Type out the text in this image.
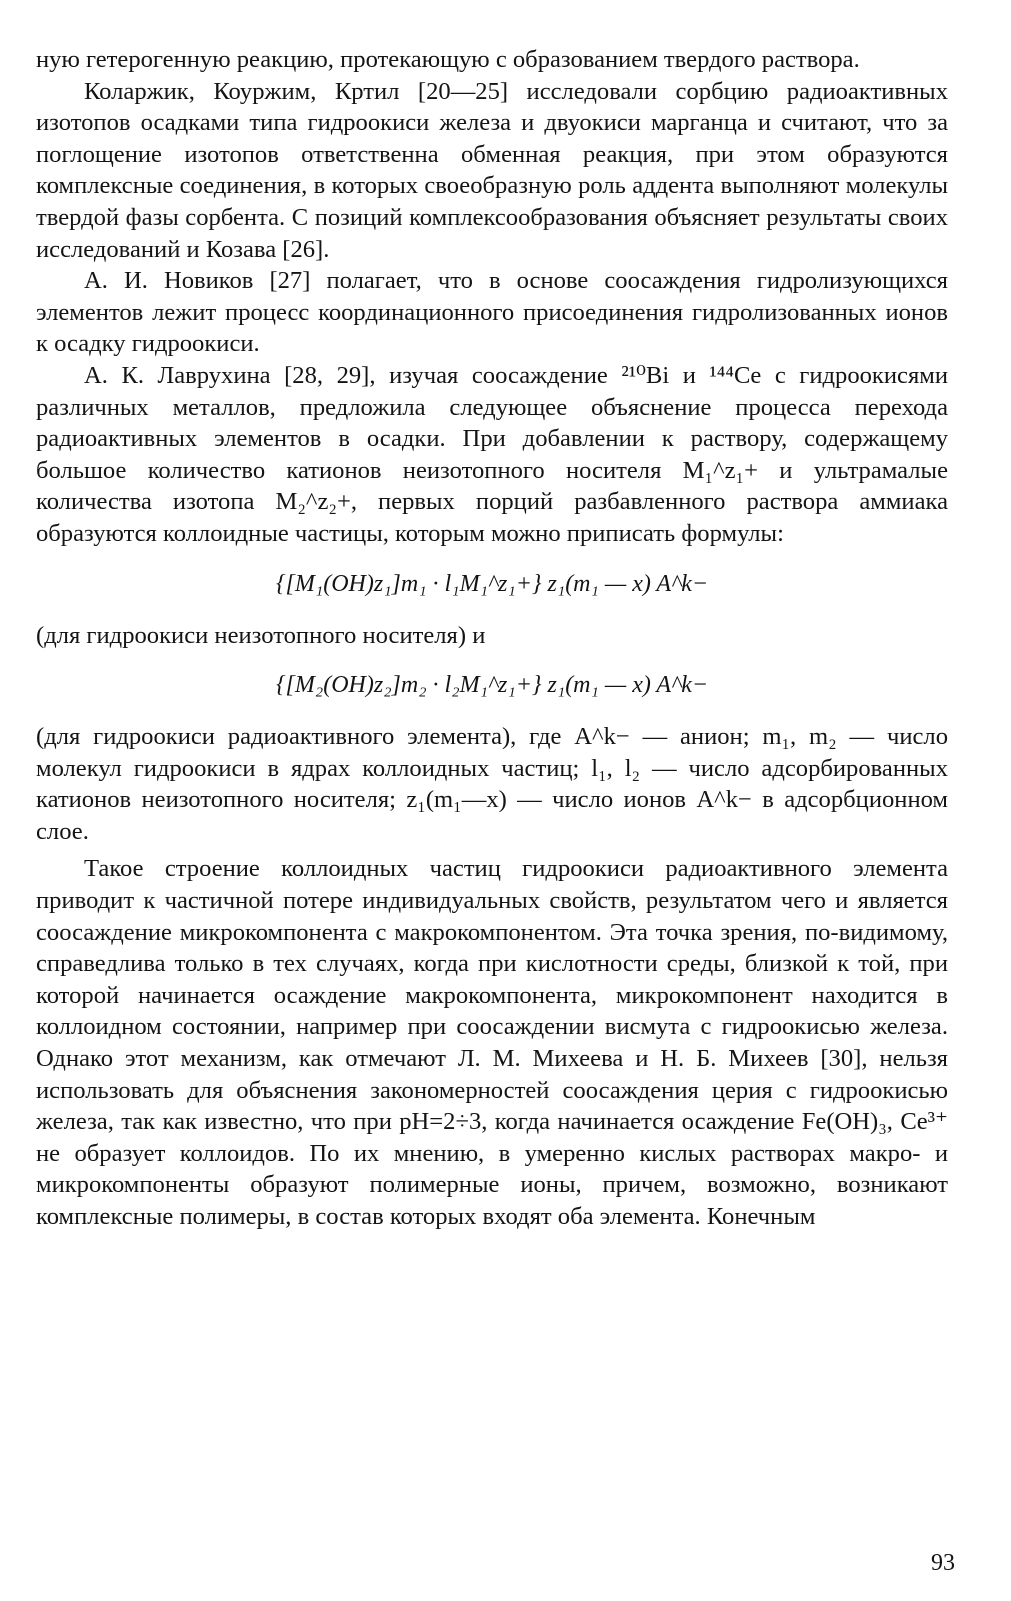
ную гетерогенную реакцию, протекающую с образованием твердого раствора.

Коларжик, Коуржим, Кртил [20—25] исследовали сорбцию радиоактивных изотопов осадками типа гидроокиси железа и двуокиси марганца и считают, что за поглощение изотопов ответственна обменная реакция, при этом образуются комплексные соединения, в которых своеобразную роль аддента выполняют молекулы твердой фазы сорбента. С позиций комплексообразования объясняет результаты своих исследований и Козава [26].

А. И. Новиков [27] полагает, что в основе соосаждения гидролизующихся элементов лежит процесс координационного присоединения гидролизованных ионов к осадку гидроокиси.

А. К. Лаврухина [28, 29], изучая соосаждение ²¹⁰Bi и ¹⁴⁴Ce с гидроокисями различных металлов, предложила следующее объяснение процесса перехода радиоактивных элементов в осадки. При добавлении к раствору, содержащему большое количество катионов неизотопного носителя M₁^z₁+ и ультрамалые количества изотопа M₂^z₂+, первых порций разбавленного раствора аммиака образуются коллоидные частицы, которым можно приписать формулы:

{[M₁(OH)z₁]m₁ · l₁M₁^z₁+} z₁(m₁ — x) A^k−

(для гидроокиси неизотопного носителя) и

{[M₂(OH)z₂]m₂ · l₂M₁^z₁+} z₁(m₁ — x) A^k−

(для гидроокиси радиоактивного элемента), где A^k− — анион; m₁, m₂ — число молекул гидроокиси в ядрах коллоидных частиц; l₁, l₂ — число адсорбированных катионов неизотопного носителя; z₁(m₁—x) — число ионов A^k− в адсорбционном слое.

Такое строение коллоидных частиц гидроокиси радиоактивного элемента приводит к частичной потере индивидуальных свойств, результатом чего и является соосаждение микрокомпонента с макрокомпонентом. Эта точка зрения, по-видимому, справедлива только в тех случаях, когда при кислотности среды, близкой к той, при которой начинается осаждение макрокомпонента, микрокомпонент находится в коллоидном состоянии, например при соосаждении висмута с гидроокисью железа. Однако этот механизм, как отмечают Л. М. Михеева и Н. Б. Михеев [30], нельзя использовать для объяснения закономерностей соосаждения церия с гидроокисью железа, так как известно, что при pH=2÷3, когда начинается осаждение Fe(OH)₃, Ce³⁺ не образует коллоидов. По их мнению, в умеренно кислых растворах макро- и микрокомпоненты образуют полимерные ионы, причем, возможно, возникают комплексные полимеры, в состав которых входят оба элемента. Конечным

93
